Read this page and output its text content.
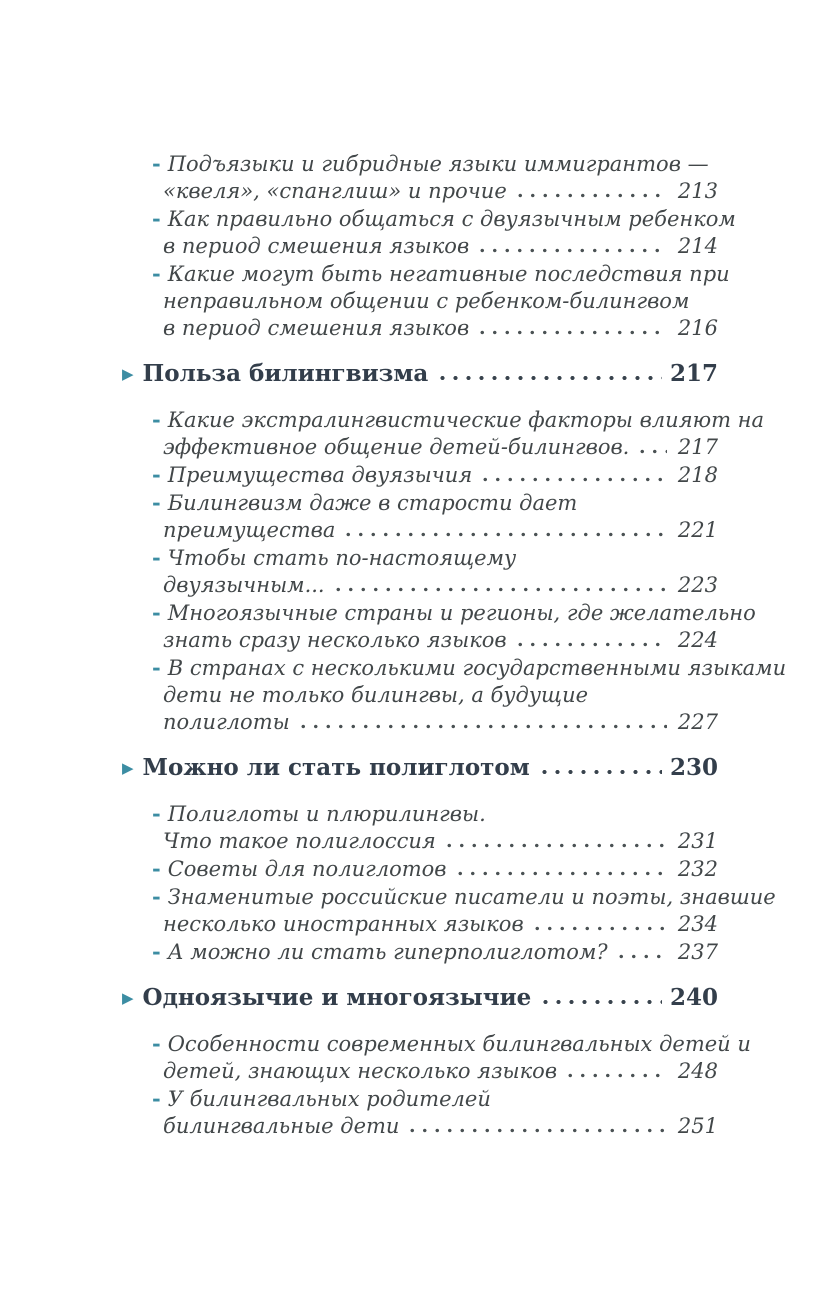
- Подъязыки и гибридные языки иммигрантов —
«квеля», «спанглиш» и прочие	213
- Как правильно общаться с двуязычным ребенком
в период смешения языков	214
- Какие могут быть негативные последствия при
неправильном общении с ребенком-билингвом
в период смешения языков	216
▶ Польза билингвизма	217
- Какие экстралингвистические факторы влияют на
эффективное общение детей-билингвов. 217
- Преимущества двуязычия	218
- Билингвизм даже в старости дает
преимущества	221
- Чтобы стать по-настоящему
двуязычным...	223
- Многоязычные страны и регионы, где желательно
знать сразу несколько языков	224
- В странах с несколькими государственными языками
дети не только билингвы, а будущие
полиглоты	227
▶ Можно ли стать полиглотом	230
- Полиглоты и плюрилингвы.
Что такое полиглоссия	231
- Советы для полиглотов	232
- Знаменитые российские писатели и поэты, знавшие
несколько иностранных языков	234
- А можно ли стать гиперполиглотом?	237
▶ Одноязычие и многоязычие	240
- Особенности современных билингвальных детей и
детей, знающих несколько языков	248
- У билингвальных родителей
билингвальные дети	251
